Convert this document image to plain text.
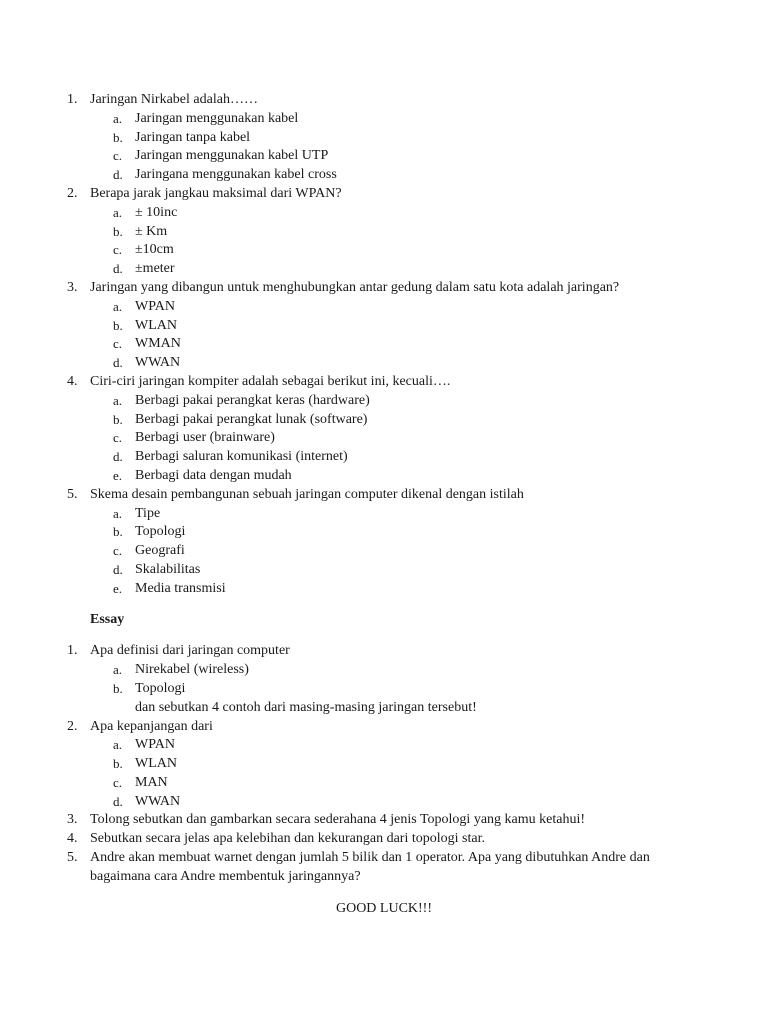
1. Jaringan Nirkabel adalah……
a. Jaringan menggunakan kabel
b. Jaringan tanpa kabel
c. Jaringan menggunakan kabel UTP
d. Jaringana menggunakan kabel cross
2. Berapa jarak jangkau maksimal dari WPAN?
a. ± 10inc
b. ± Km
c. ±10cm
d. ±meter
3. Jaringan yang dibangun untuk menghubungkan antar gedung dalam satu kota adalah jaringan?
a. WPAN
b. WLAN
c. WMAN
d. WWAN
4. Ciri-ciri jaringan kompiter adalah sebagai berikut ini, kecuali….
a. Berbagi pakai perangkat keras (hardware)
b. Berbagi pakai perangkat lunak (software)
c. Berbagi user (brainware)
d. Berbagi saluran komunikasi (internet)
e. Berbagi data dengan mudah
5. Skema desain pembangunan sebuah jaringan computer dikenal dengan istilah
a. Tipe
b. Topologi
c. Geografi
d. Skalabilitas
e. Media transmisi
Essay
1. Apa definisi dari jaringan computer
a. Nirekabel (wireless)
b. Topologi
dan sebutkan 4 contoh dari masing-masing jaringan tersebut!
2. Apa kepanjangan dari
a. WPAN
b. WLAN
c. MAN
d. WWAN
3. Tolong sebutkan dan gambarkan secara sederahana 4 jenis Topologi yang kamu ketahui!
4. Sebutkan secara jelas apa kelebihan dan kekurangan dari topologi star.
5. Andre akan membuat warnet dengan jumlah 5 bilik dan 1 operator. Apa yang dibutuhkan Andre dan bagaimana cara Andre membentuk jaringannya?
GOOD LUCK!!!
